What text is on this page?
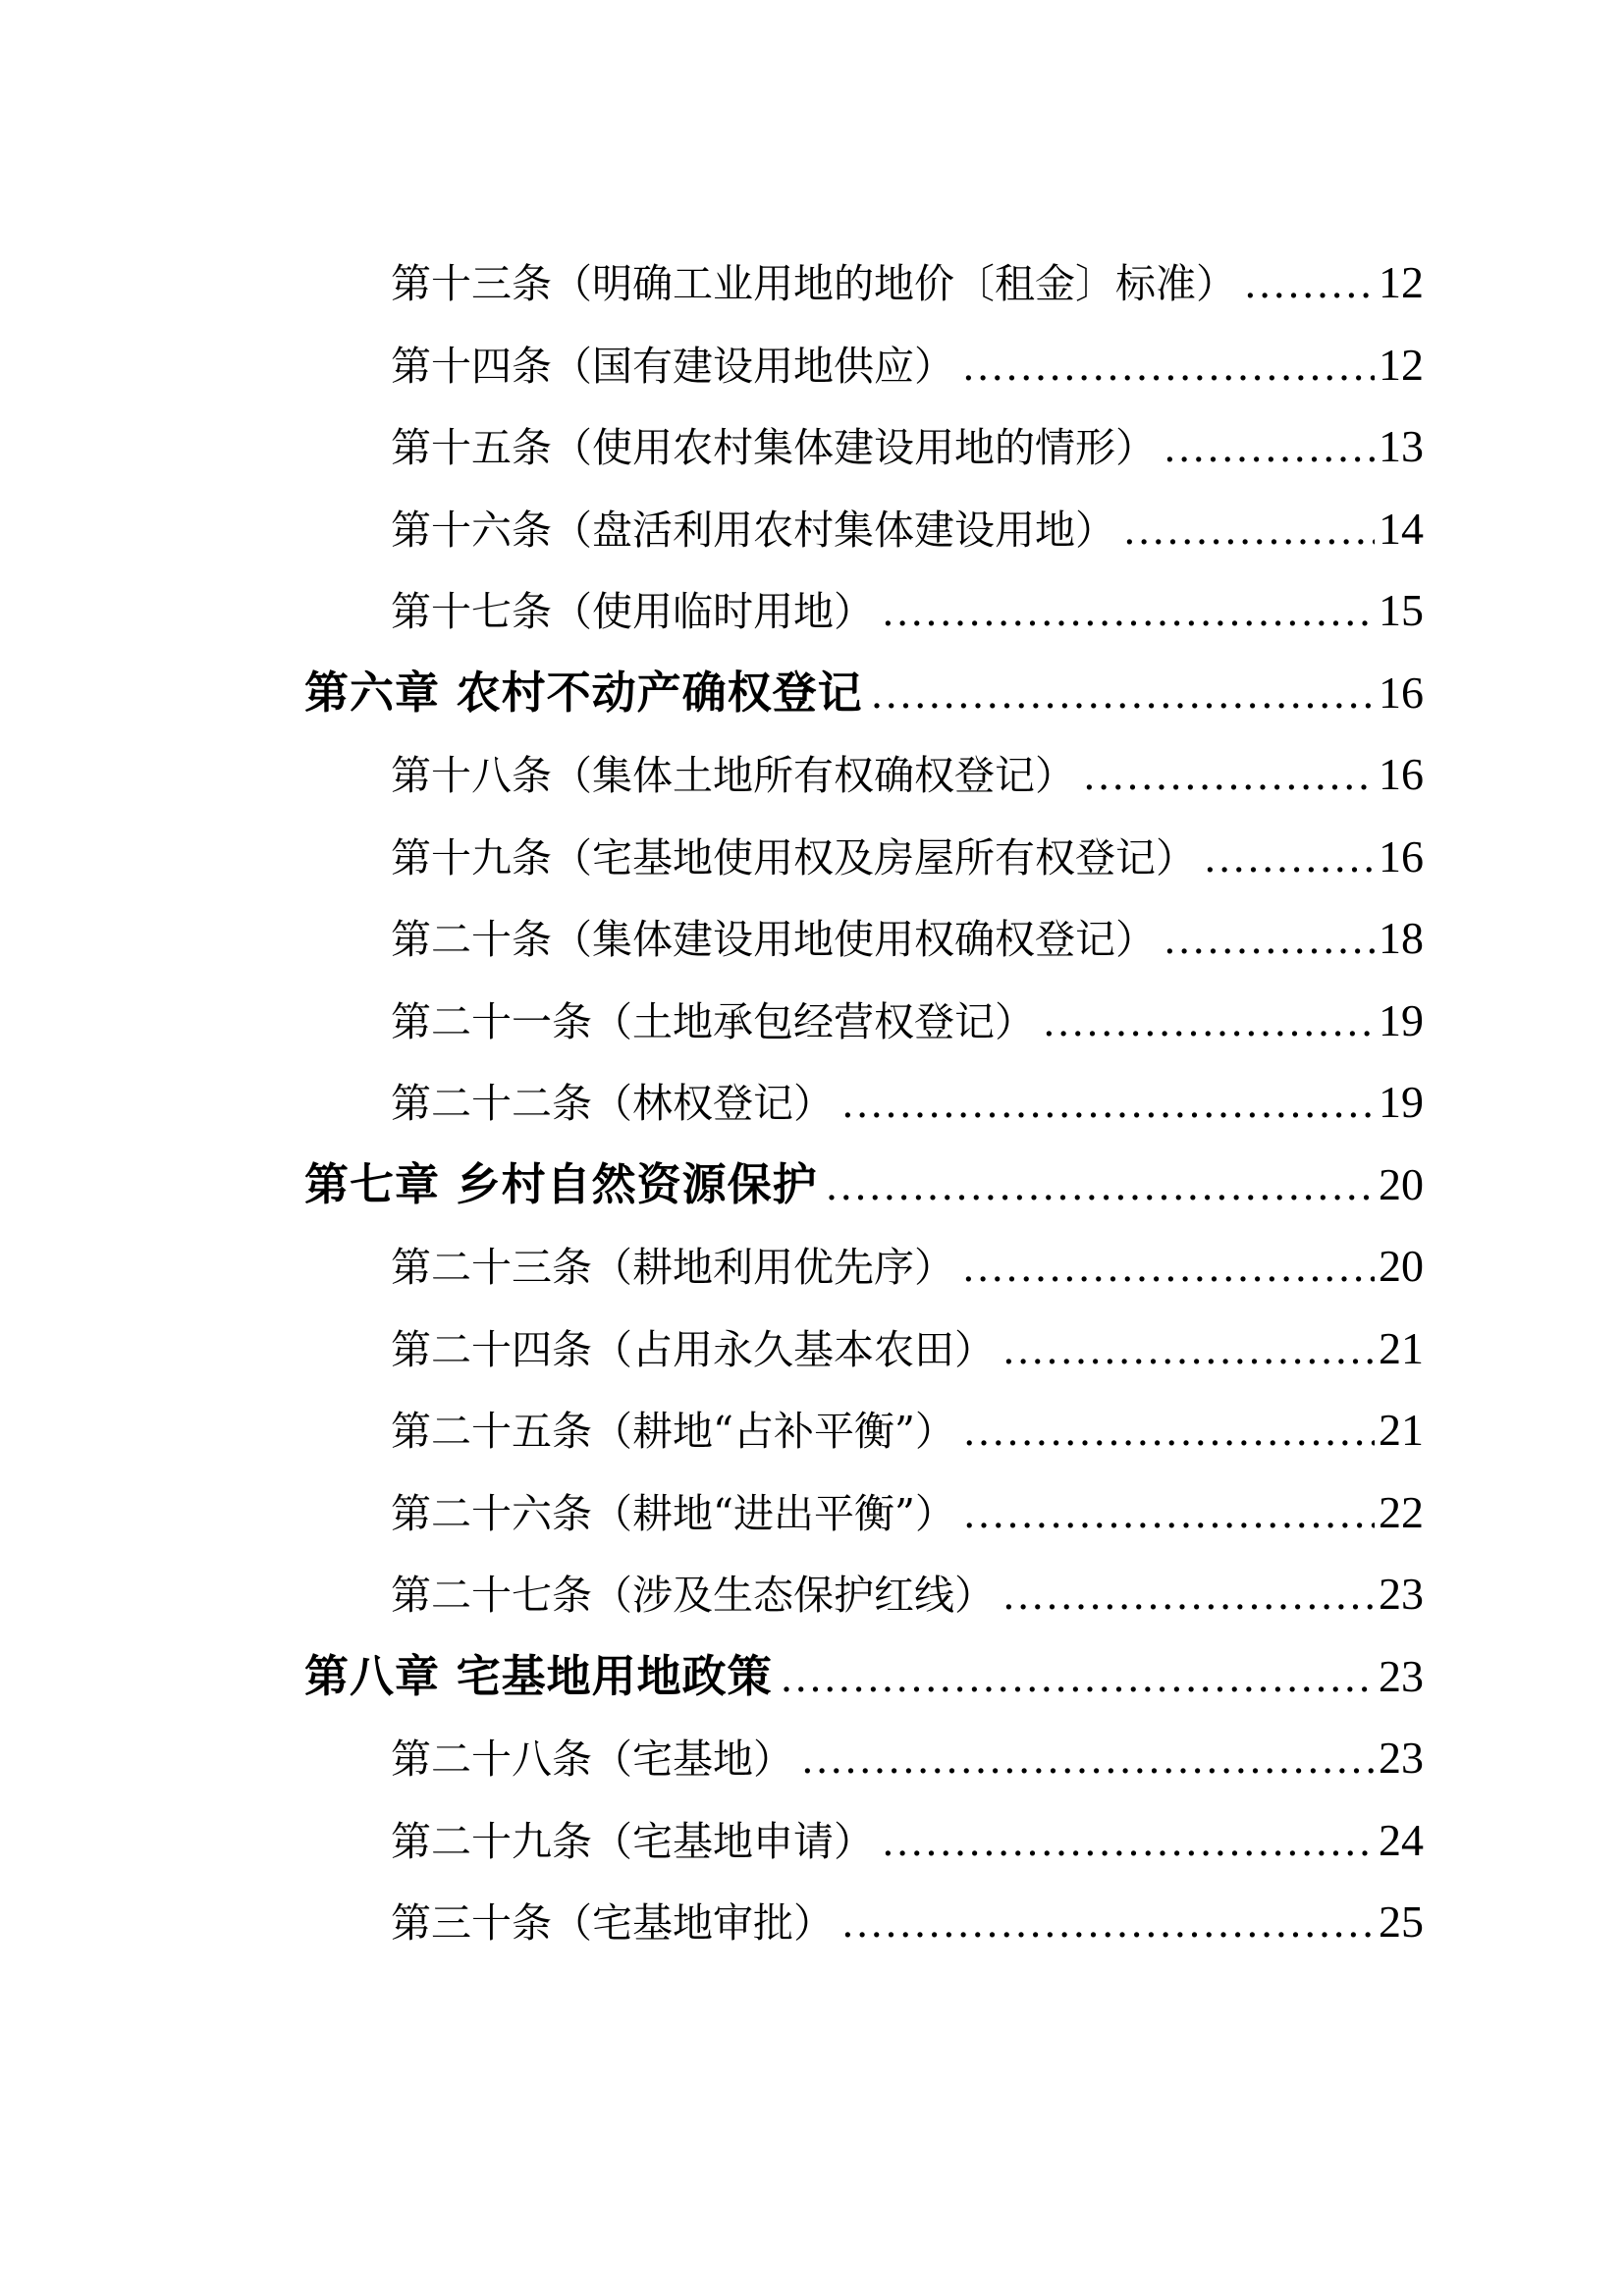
第十三条（明确工业用地的地价〔租金〕标准） .....	12
第十四条（国有建设用地供应） .....	12
第十五条（使用农村集体建设用地的情形） .....	13
第十六条（盘活利用农村集体建设用地） .....	14
第十七条（使用临时用地） .....	15
第六章 农村不动产确权登记 .....	16
第十八条（集体土地所有权确权登记） .....	16
第十九条（宅基地使用权及房屋所有权登记） .....	16
第二十条（集体建设用地使用权确权登记） .....	18
第二十一条（土地承包经营权登记） .....	19
第二十二条（林权登记） .....	19
第七章 乡村自然资源保护 .....	20
第二十三条（耕地利用优先序） .....	20
第二十四条（占用永久基本农田） .....	21
第二十五条（耕地“占补平衡”） .....	21
第二十六条（耕地“进出平衡”） .....	22
第二十七条（涉及生态保护红线） .....	23
第八章 宅基地用地政策 .....	23
第二十八条（宅基地） .....	23
第二十九条（宅基地申请） .....	24
第三十条（宅基地审批） .....	25
